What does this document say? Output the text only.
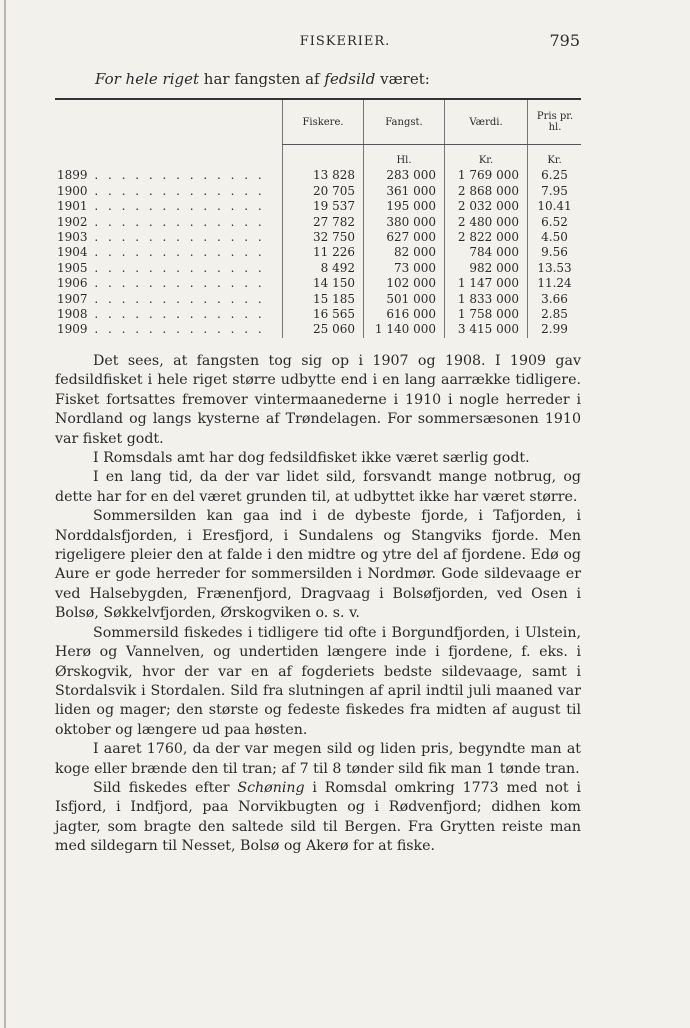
FISKERIER.	795
For hele riget har fangsten af fedsild været:
	Fiskere.	Fangst.	Værdi.	Pris pr. hl.
		Hl.	Kr.	Kr.
1899 . . . . . . . . . . . . .	13 828	283 000	1 769 000	6.25
1900 . . . . . . . . . . . . .	20 705	361 000	2 868 000	7.95
1901 . . . . . . . . . . . . .	19 537	195 000	2 032 000	10.41
1902 . . . . . . . . . . . . .	27 782	380 000	2 480 000	6.52
1903 . . . . . . . . . . . . .	32 750	627 000	2 822 000	4.50
1904 . . . . . . . . . . . . .	11 226	82 000	784 000	9.56
1905 . . . . . . . . . . . . .	8 492	73 000	982 000	13.53
1906 . . . . . . . . . . . . .	14 150	102 000	1 147 000	11.24
1907 . . . . . . . . . . . . .	15 185	501 000	1 833 000	3.66
1908 . . . . . . . . . . . . .	16 565	616 000	1 758 000	2.85
1909 . . . . . . . . . . . . .	25 060	1 140 000	3 415 000	2.99

Det sees, at fangsten tog sig op i 1907 og 1908. I 1909 gav fedsildfisket i hele riget større udbytte end i en lang aarrække tidligere. Fisket fortsattes fremover vintermaanederne i 1910 i nogle herreder i Nordland og langs kysterne af Trøndelagen. For sommersæsonen 1910 var fisket godt.

I Romsdals amt har dog fedsildfisket ikke været særlig godt.

I en lang tid, da der var lidet sild, forsvandt mange notbrug, og dette har for en del været grunden til, at udbyttet ikke har været større.

Sommersilden kan gaa ind i de dybeste fjorde, i Tafjorden, i Norddalsfjorden, i Eresfjord, i Sundalens og Stangviks fjorde. Men rigeligere pleier den at falde i den midtre og ytre del af fjordene. Edø og Aure er gode herreder for sommersilden i Nordmør. Gode sildevaage er ved Halsebygden, Frænenfjord, Dragvaag i Bolsøfjorden, ved Osen i Bolsø, Søkkelvfjorden, Ørskogviken o. s. v.

Sommersild fiskedes i tidligere tid ofte i Borgundfjorden, i Ulstein, Herø og Vannelven, og undertiden længere inde i fjordene, f. eks. i Ørskogvik, hvor der var en af fogderiets bedste sildevaage, samt i Stordalsvik i Stordalen. Sild fra slutningen af april indtil juli maaned var liden og mager; den største og fedeste fiskedes fra midten af august til oktober og længere ud paa høsten.

I aaret 1760, da der var megen sild og liden pris, begyndte man at koge eller brænde den til tran; af 7 til 8 tønder sild fik man 1 tønde tran.

Sild fiskedes efter Schøning i Romsdal omkring 1773 med not i Isfjord, i Indfjord, paa Norvikbugten og i Rødvenfjord; didhen kom jagter, som bragte den saltede sild til Bergen. Fra Grytten reiste man med sildegarn til Nesset, Bolsø og Akerø for at fiske.
